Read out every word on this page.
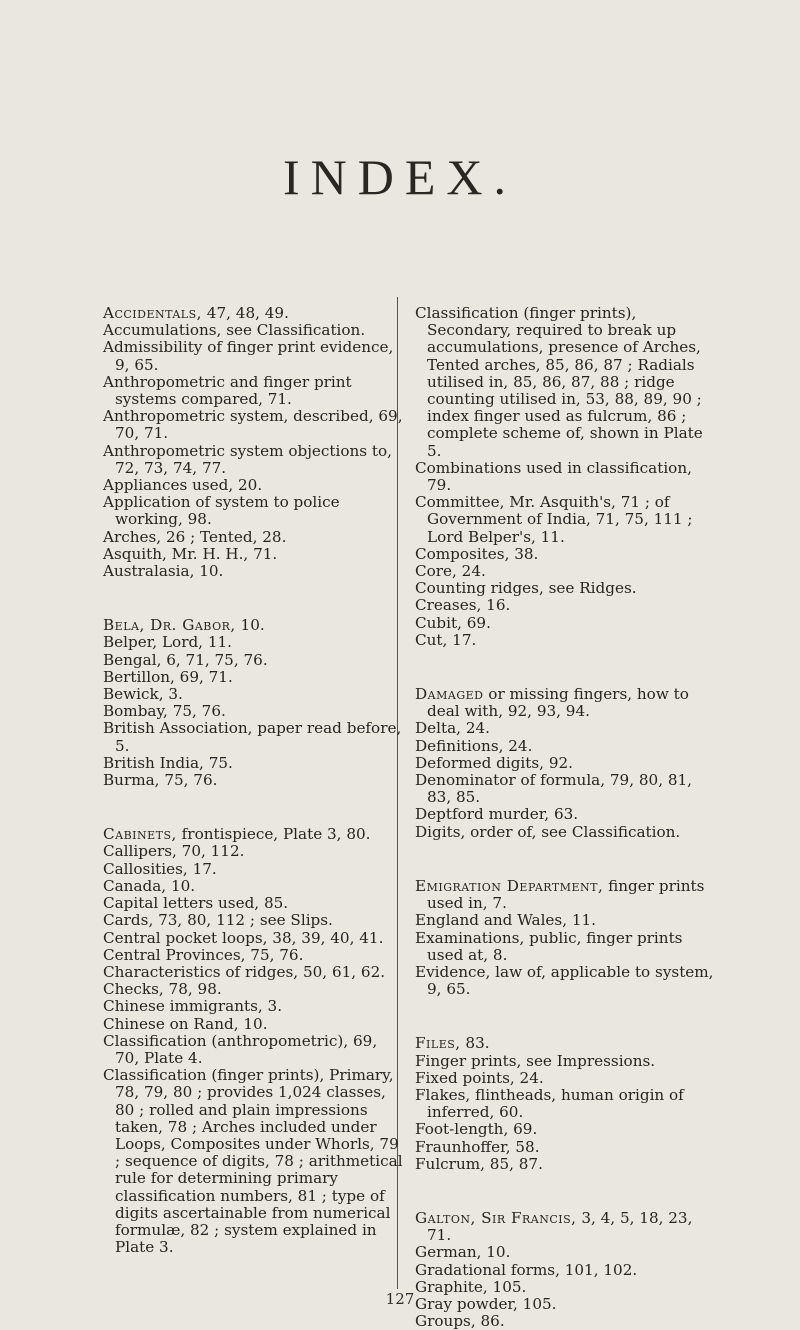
INDEX.

Accidentals, 47, 48, 49.

Accumulations, see Classification.

Admissibility of finger print evidence, 9, 65.

Anthropometric and finger print systems compared, 71.

Anthropometric system, described, 69, 70, 71.

Anthropometric system objections to, 72, 73, 74, 77.

Appliances used, 20.

Application of system to police working, 98.

Arches, 26 ; Tented, 28.

Asquith, Mr. H. H., 71.

Australasia, 10.

Bela, Dr. Gabor, 10.

Belper, Lord, 11.

Bengal, 6, 71, 75, 76.

Bertillon, 69, 71.

Bewick, 3.

Bombay, 75, 76.

British Association, paper read before, 5.

British India, 75.

Burma, 75, 76.

Cabinets, frontispiece, Plate 3, 80.

Callipers, 70, 112.

Callosities, 17.

Canada, 10.

Capital letters used, 85.

Cards, 73, 80, 112 ; see Slips.

Central pocket loops, 38, 39, 40, 41.

Central Provinces, 75, 76.

Characteristics of ridges, 50, 61, 62.

Checks, 78, 98.

Chinese immigrants, 3.

Chinese on Rand, 10.

Classification (anthropometric), 69, 70, Plate 4.

Classification (finger prints), Primary, 78, 79, 80 ; provides 1,024 classes, 80 ; rolled and plain impressions taken, 78 ; Arches included under Loops, Composites under Whorls, 79 ; sequence of digits, 78 ; arithmetical rule for determining primary classification numbers, 81 ; type of digits ascertainable from numerical formulæ, 82 ; system explained in Plate 3.

Classification (finger prints), Secondary, required to break up accumulations, presence of Arches, Tented arches, 85, 86, 87 ; Radials utilised in, 85, 86, 87, 88 ; ridge counting utilised in, 53, 88, 89, 90 ; index finger used as fulcrum, 86 ; complete scheme of, shown in Plate 5.

Combinations used in classification, 79.

Committee, Mr. Asquith's, 71 ; of Government of India, 71, 75, 111 ; Lord Belper's, 11.

Composites, 38.

Core, 24.

Counting ridges, see Ridges.

Creases, 16.

Cubit, 69.

Cut, 17.

Damaged or missing fingers, how to deal with, 92, 93, 94.

Delta, 24.

Definitions, 24.

Deformed digits, 92.

Denominator of formula, 79, 80, 81, 83, 85.

Deptford murder, 63.

Digits, order of, see Classification.

Emigration Department, finger prints used in, 7.

England and Wales, 11.

Examinations, public, finger prints used at, 8.

Evidence, law of, applicable to system, 9, 65.

Files, 83.

Finger prints, see Impressions.

Fixed points, 24.

Flakes, flintheads, human origin of inferred, 60.

Foot-length, 69.

Fraunhoffer, 58.

Fulcrum, 85, 87.

Galton, Sir Francis, 3, 4, 5, 18, 23, 71.

German, 10.

Gradational forms, 101, 102.

Graphite, 105.

Gray powder, 105.

Groups, 86.

127
